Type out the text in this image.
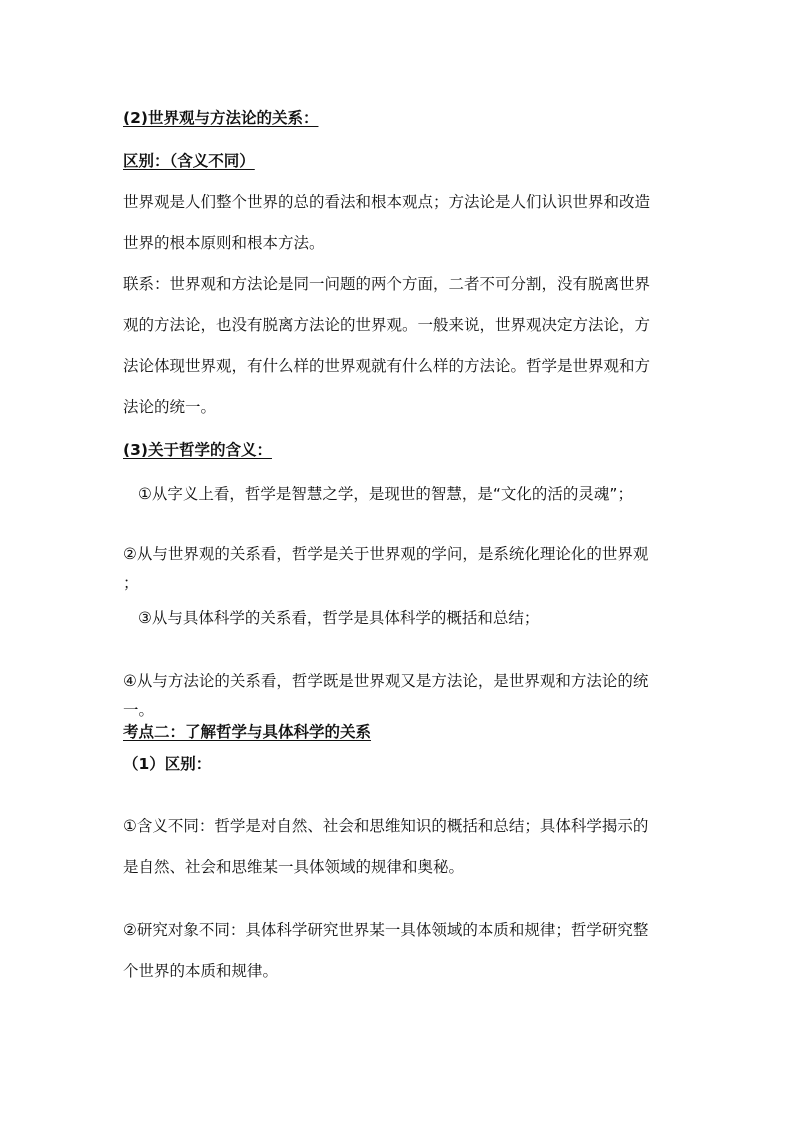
(2)世界观与方法论的关系：
区别：（含义不同）
世界观是人们整个世界的总的看法和根本观点；方法论是人们认识世界和改造
世界的根本原则和根本方法。
联系：世界观和方法论是同一问题的两个方面，二者不可分割，没有脱离世界
观的方法论，也没有脱离方法论的世界观。一般来说，世界观决定方法论，方
法论体现世界观，有什么样的世界观就有什么样的方法论。哲学是世界观和方
法论的统一。
(3)关于哲学的含义：
①从字义上看，哲学是智慧之学，是现世的智慧，是“文化的活的灵魂”；
②从与世界观的关系看，哲学是关于世界观的学问，是系统化理论化的世界观
；
③从与具体科学的关系看，哲学是具体科学的概括和总结；
④从与方法论的关系看，哲学既是世界观又是方法论，是世界观和方法论的统
一。
考点二：了解哲学与具体科学的关系
（1）区别：
①含义不同：哲学是对自然、社会和思维知识的概括和总结；具体科学揭示的
是自然、社会和思维某一具体领域的规律和奥秘。
②研究对象不同：具体科学研究世界某一具体领域的本质和规律；哲学研究整
个世界的本质和规律。
